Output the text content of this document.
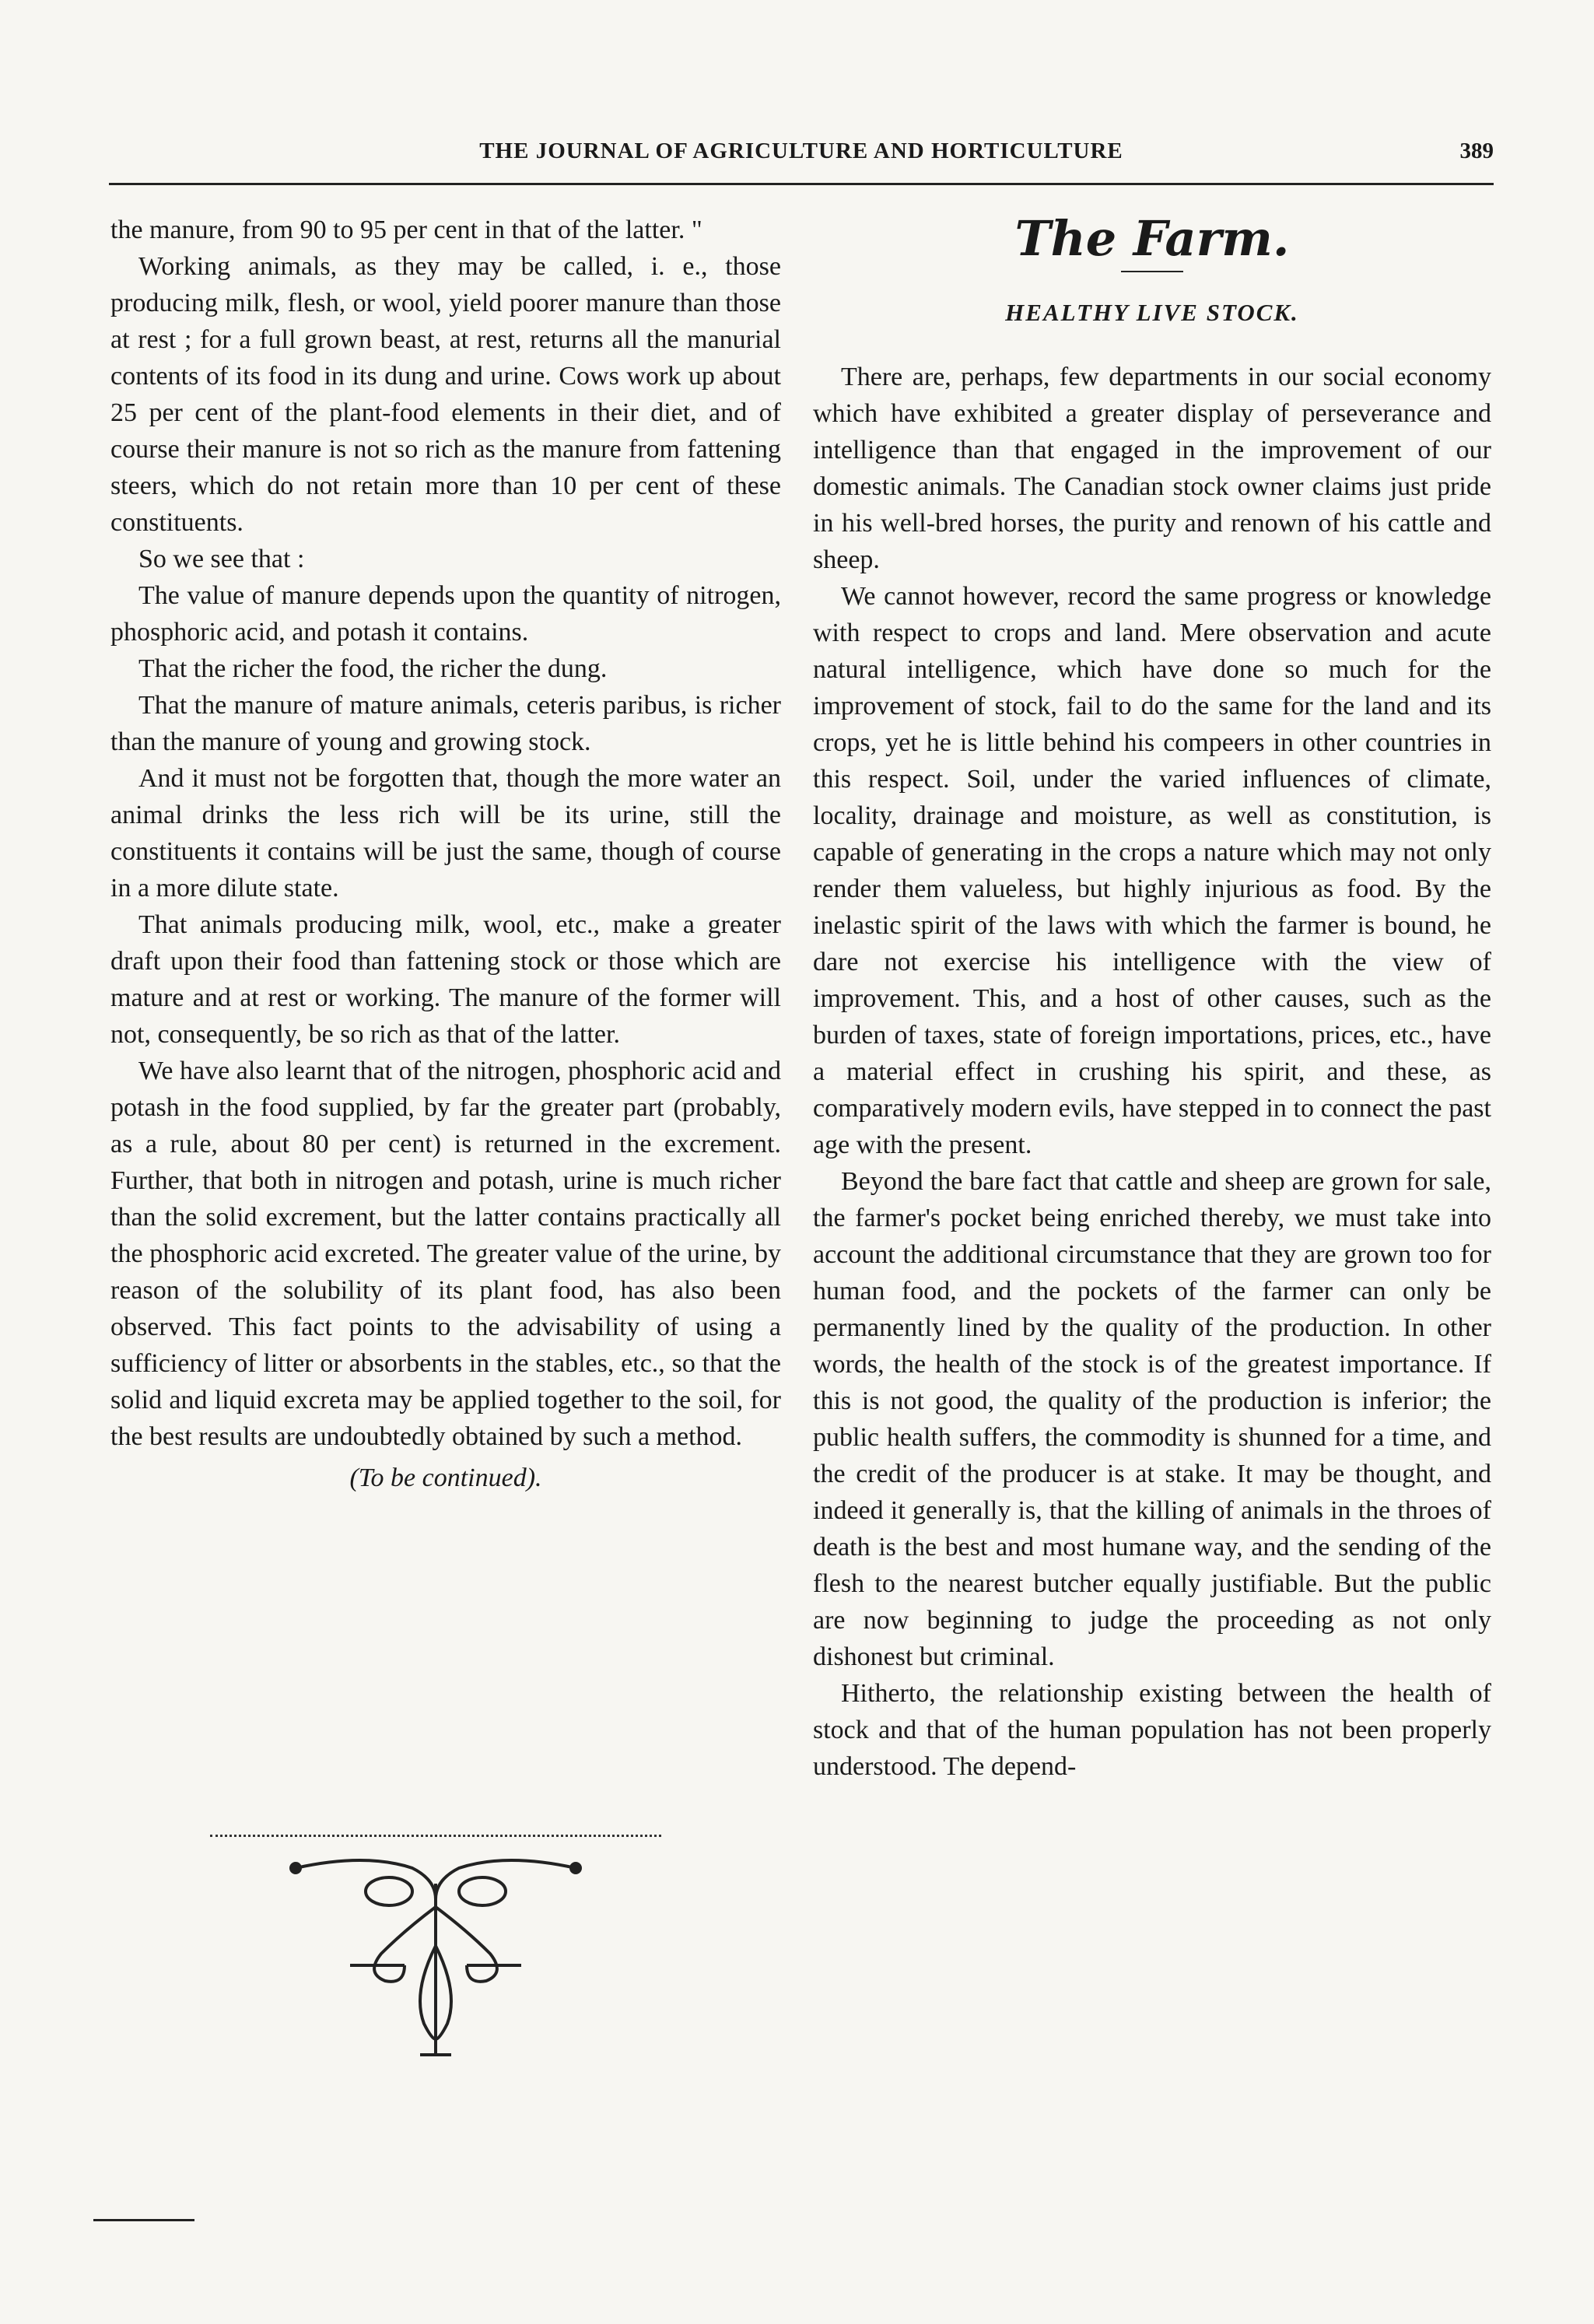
THE JOURNAL OF AGRICULTURE AND HORTICULTURE	389

the manure, from 90 to 95 per cent in that of the latter. "

Working animals, as they may be called, i. e., those producing milk, flesh, or wool, yield poorer manure than those at rest ; for a full grown beast, at rest, returns all the manurial contents of its food in its dung and urine. Cows work up about 25 per cent of the plant-food elements in their diet, and of course their manure is not so rich as the manure from fattening steers, which do not retain more than 10 per cent of these constituents.

So we see that :

The value of manure depends upon the quantity of nitrogen, phosphoric acid, and potash it contains.

That the richer the food, the richer the dung.

That the manure of mature animals, ceteris paribus, is richer than the manure of young and growing stock.

And it must not be forgotten that, though the more water an animal drinks the less rich will be its urine, still the constituents it contains will be just the same, though of course in a more dilute state.

That animals producing milk, wool, etc., make a greater draft upon their food than fattening stock or those which are mature and at rest or working. The manure of the former will not, consequently, be so rich as that of the latter.

We have also learnt that of the nitrogen, phosphoric acid and potash in the food supplied, by far the greater part (probably, as a rule, about 80 per cent) is returned in the excrement. Further, that both in nitrogen and potash, urine is much richer than the solid excrement, but the latter contains practically all the phosphoric acid excreted. The greater value of the urine, by reason of the solubility of its plant food, has also been observed. This fact points to the advisability of using a sufficiency of litter or absorbents in the stables, etc., so that the solid and liquid excreta may be applied together to the soil, for the best results are undoubtedly obtained by such a method.

(To be continued).

The Farm.
HEALTHY LIVE STOCK.

There are, perhaps, few departments in our social economy which have exhibited a greater display of perseverance and intelligence than that engaged in the improvement of our domestic animals. The Canadian stock owner claims just pride in his well-bred horses, the purity and renown of his cattle and sheep.

We cannot however, record the same progress or knowledge with respect to crops and land. Mere observation and acute natural intelligence, which have done so much for the improvement of stock, fail to do the same for the land and its crops, yet he is little behind his compeers in other countries in this respect. Soil, under the varied influences of climate, locality, drainage and moisture, as well as constitution, is capable of generating in the crops a nature which may not only render them valueless, but highly injurious as food. By the inelastic spirit of the laws with which the farmer is bound, he dare not exercise his intelligence with the view of improvement. This, and a host of other causes, such as the burden of taxes, state of foreign importations, prices, etc., have a material effect in crushing his spirit, and these, as comparatively modern evils, have stepped in to connect the past age with the present.

Beyond the bare fact that cattle and sheep are grown for sale, the farmer's pocket being enriched thereby, we must take into account the additional circumstance that they are grown too for human food, and the pockets of the farmer can only be permanently lined by the quality of the production. In other words, the health of the stock is of the greatest importance. If this is not good, the quality of the production is inferior; the public health suffers, the commodity is shunned for a time, and the credit of the producer is at stake. It may be thought, and indeed it generally is, that the killing of animals in the throes of death is the best and most humane way, and the sending of the flesh to the nearest butcher equally justifiable. But the public are now beginning to judge the proceeding as not only dishonest but criminal.

Hitherto, the relationship existing between the health of stock and that of the human population has not been properly understood. The depend-
